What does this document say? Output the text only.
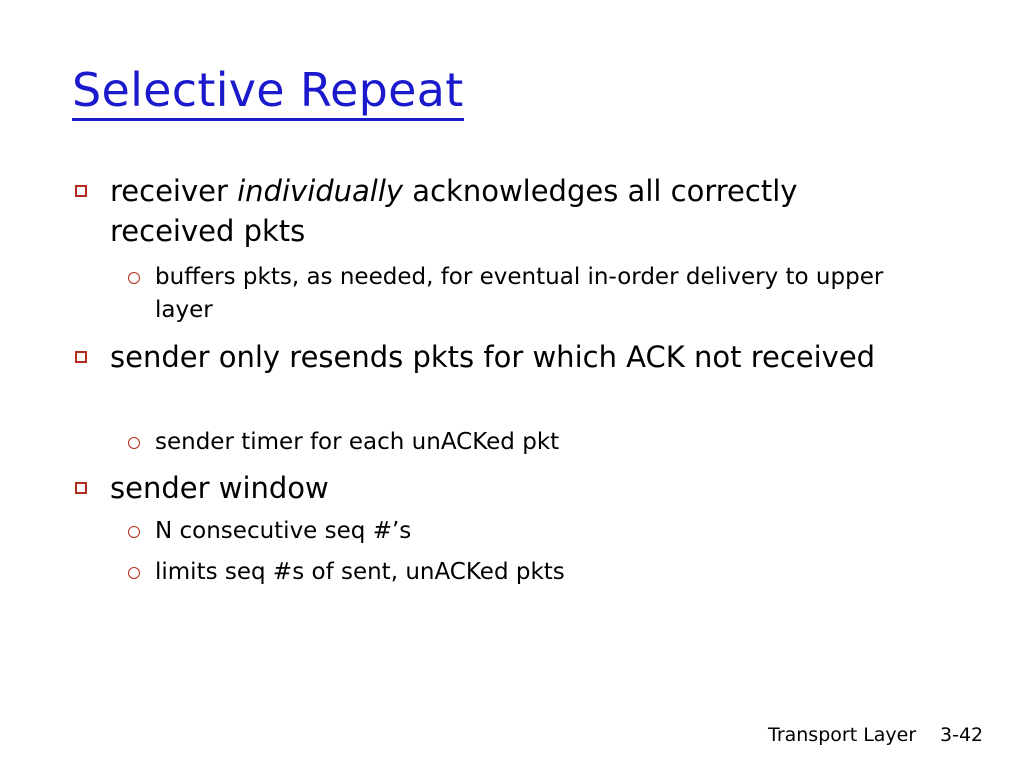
Selective Repeat
receiver individually acknowledges all correctly received pkts
buffers pkts, as needed, for eventual in-order delivery to upper layer
sender only resends pkts for which ACK not received
sender timer for each unACKed pkt
sender window
N consecutive seq #’s
limits seq #s of sent, unACKed pkts
Transport Layer 3-42
